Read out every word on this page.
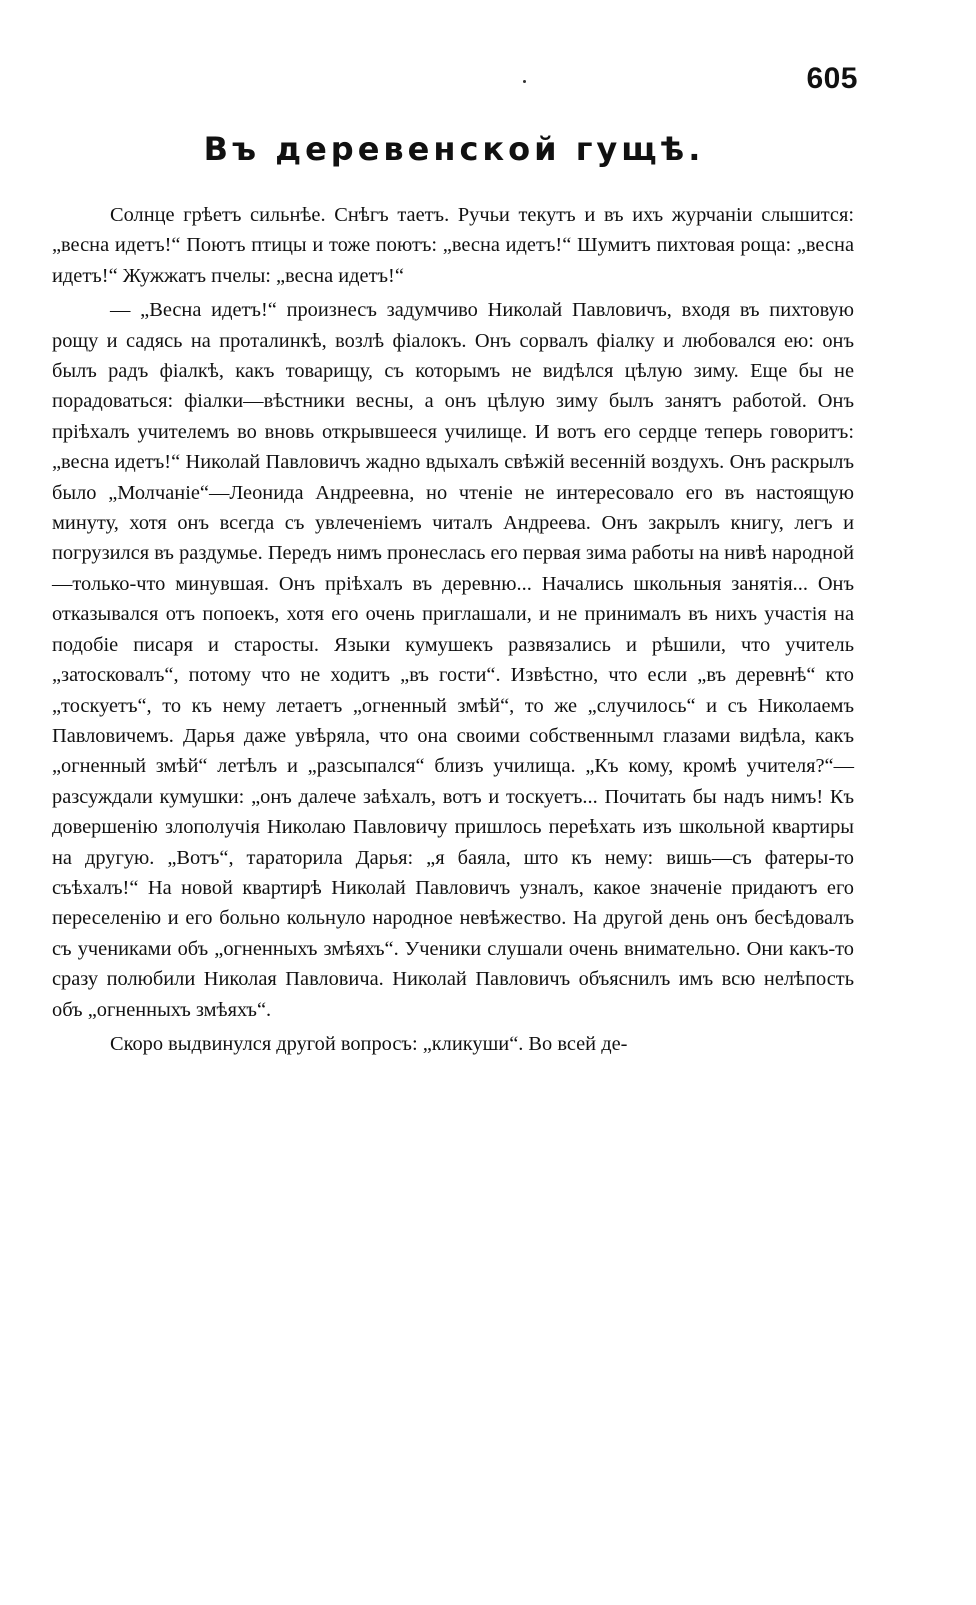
605
Въ деревенской гущѣ.

Солнце грѣетъ сильнѣе. Снѣгъ таетъ. Ручьи текутъ и въ ихъ журчанiи слышится: „весна идетъ!“ Поютъ птицы и тоже поютъ: „весна идетъ!“ Шумитъ пихтовая роща: „весна идетъ!“ Жужжатъ пчелы: „весна идетъ!“

— „Весна идетъ!“ произнесъ задумчиво Николай Павловичъ, входя въ пихтовую рощу и садясь на проталинкѣ, возлѣ фiалокъ. Онъ сорвалъ фiалку и любовался ею: онъ былъ радъ фiалкѣ, какъ товарищу, съ которымъ не видѣлся цѣлую зиму. Еще бы не порадоваться: фiалки—вѣстники весны, а онъ цѣлую зиму былъ занятъ работой. Онъ прiѣхалъ учителемъ во вновь открывшееся училище. И вотъ его сердце теперь говоритъ: „весна идетъ!“ Николай Павловичъ жадно вдыхалъ свѣжiй весеннiй воздухъ. Онъ раскрылъ было „Молчанiе“—Леонида Андреевна, но чтенiе не интересовало его въ настоящую минуту, хотя онъ всегда съ увлеченiемъ читалъ Андреева. Онъ закрылъ книгу, легъ и погрузился въ раздумье. Передъ нимъ пронеслась его первая зима работы на нивѣ народной—только-что минувшая. Онъ прiѣхалъ въ деревню... Начались школьныя занятiя... Онъ отказывался отъ попоекъ, хотя его очень приглашали, и не принималъ въ нихъ участiя на подобiе писаря и старосты. Языки кумушекъ развязались и рѣшили, что учитель „затосковалъ“, потому что не ходитъ „въ гости“. Извѣстно, что если „въ деревнѣ“ кто „тоскуетъ“, то къ нему летаетъ „огненный змѣй“, то же „случилось“ и съ Николаемъ Павловичемъ. Дарья даже увѣряла, что она своими собственнымл глазами видѣла, какъ „огненный змѣй“ летѣлъ и „разсыпался“ близъ училища. „Къ кому, кромѣ учителя?“—разсуждали кумушки: „онъ далече заѣхалъ, вотъ и тоскуетъ... Почитать бы надъ нимъ! Къ довершенiю злополучiя Николаю Павловичу пришлось переѣхать изъ школьной квартиры на другую. „Вотъ“, тараторила Дарья: „я баяла, што къ нему: вишь—съ фатеры-то съѣхалъ!“ На новой квартирѣ Николай Павловичъ узналъ, какое значенiе придаютъ его переселенiю и его больно кольнуло народное невѣжество. На другой день онъ бесѣдовалъ съ учениками объ „огненныхъ змѣяхъ“. Ученики слушали очень внимательно. Они какъ-то сразу полюбили Николая Павловича. Николай Павловичъ объяснилъ имъ всю нелѣпость объ „огненныхъ змѣяхъ“.

Скоро выдвинулся другой вопросъ: „кликуши“. Во всей де-
